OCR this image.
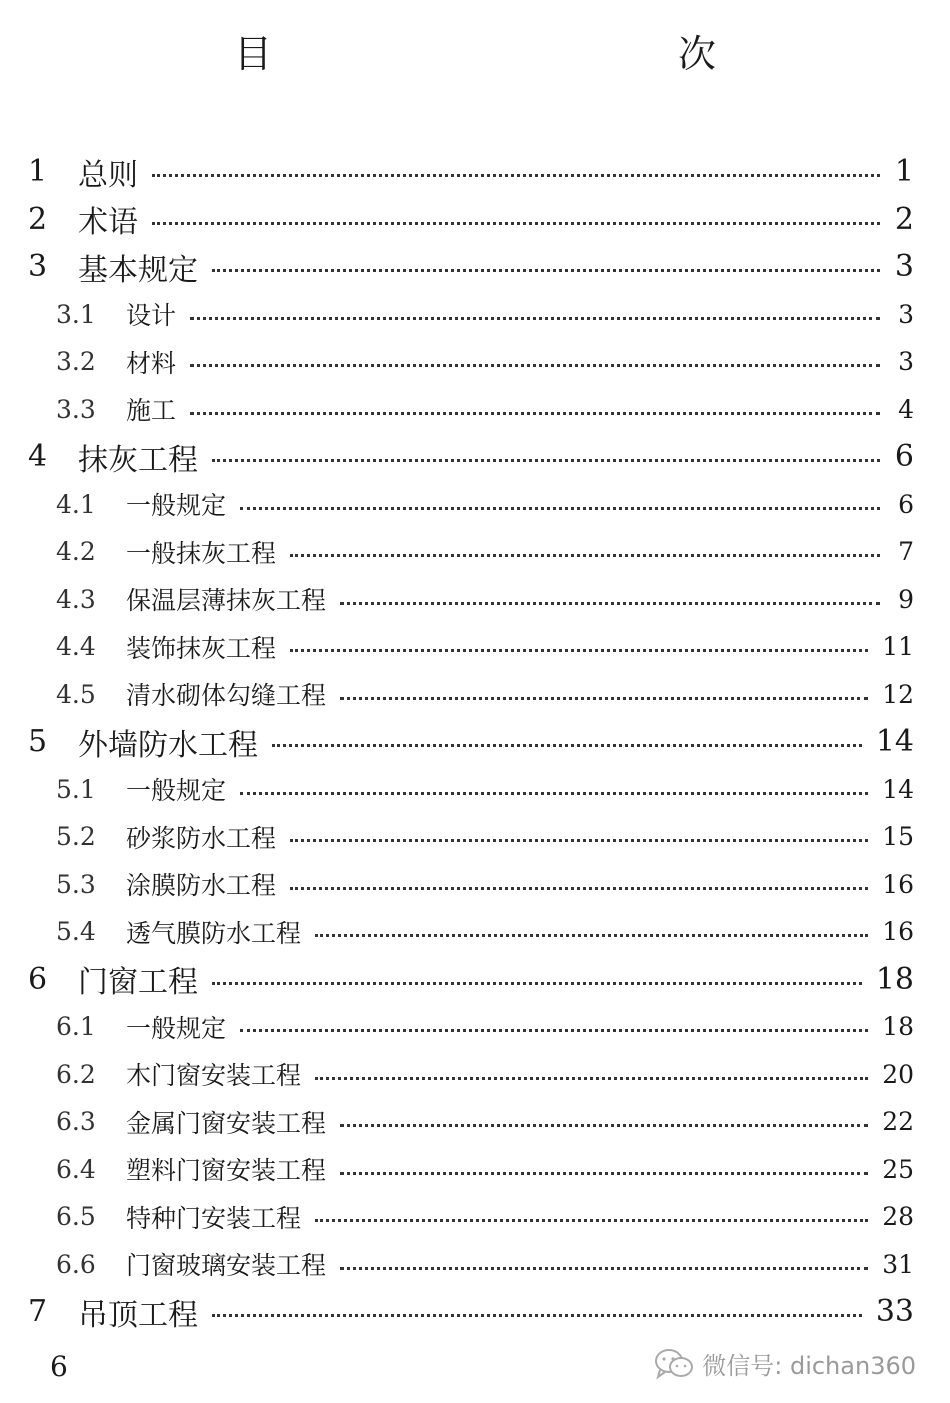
目　　次
1	总则	1
2	术语	2
3	基本规定	3
3.1	设计	3
3.2	材料	3
3.3	施工	4
4	抹灰工程	6
4.1	一般规定	6
4.2	一般抹灰工程	7
4.3	保温层薄抹灰工程	9
4.4	装饰抹灰工程	11
4.5	清水砌体勾缝工程	12
5	外墙防水工程	14
5.1	一般规定	14
5.2	砂浆防水工程	15
5.3	涂膜防水工程	16
5.4	透气膜防水工程	16
6	门窗工程	18
6.1	一般规定	18
6.2	木门窗安装工程	20
6.3	金属门窗安装工程	22
6.4	塑料门窗安装工程	25
6.5	特种门安装工程	28
6.6	门窗玻璃安装工程	31
7	吊顶工程	33
6	微信号: dichan360
